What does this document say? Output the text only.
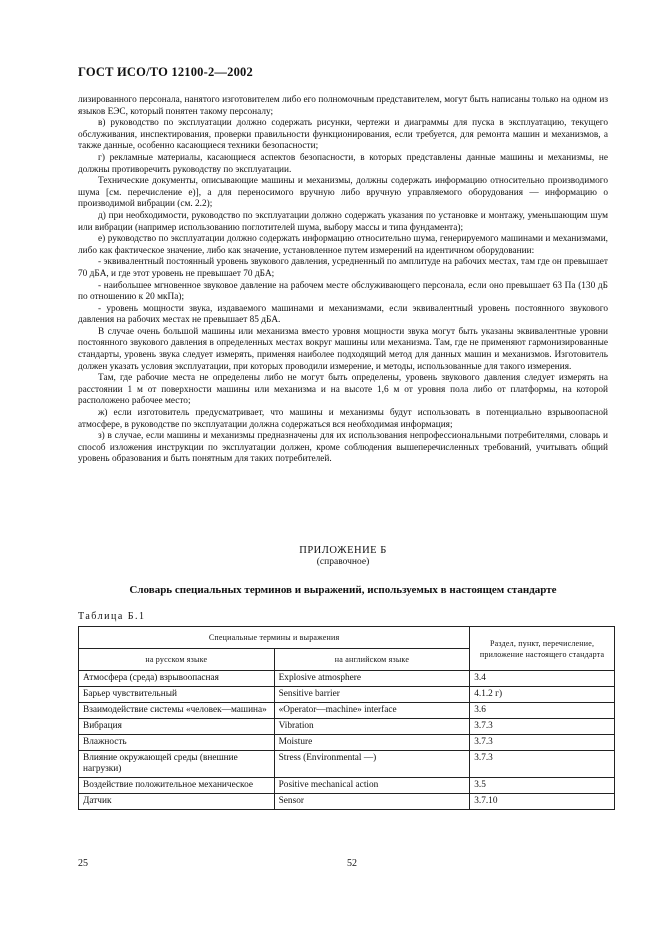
ГОСТ ИСО/ТО 12100-2—2002

лизированного персонала, нанятого изготовителем либо его полномочным представителем, могут быть написаны только на одном из языков ЕЭС, который понятен такому персоналу;

в) руководство по эксплуатации должно содержать рисунки, чертежи и диаграммы для пуска в эксплуатацию, текущего обслуживания, инспектирования, проверки правильности функционирования, если требуется, для ремонта машин и механизмов, а также данные, особенно касающиеся техники безопасности;

г) рекламные материалы, касающиеся аспектов безопасности, в которых представлены данные машины и механизмы, не должны противоречить руководству по эксплуатации.

Технические документы, описывающие машины и механизмы, должны содержать информацию относительно производимого шума [см. перечисление е)], а для переносимого вручную либо вручную управляемого оборудования — информацию о производимой вибрации (см. 2.2);

д) при необходимости, руководство по эксплуатации должно содержать указания по установке и монтажу, уменьшающим шум или вибрации (например использованию поглотителей шума, выбору массы и типа фундамента);

е) руководство по эксплуатации должно содержать информацию относительно шума, генерируемого машинами и механизмами, либо как фактическое значение, либо как значение, установленное путем измерений на идентичном оборудовании:

- эквивалентный постоянный уровень звукового давления, усредненный по амплитуде на рабочих местах, там где он превышает 70 дБA, и где этот уровень не превышает 70 дБA;

- наибольшее мгновенное звуковое давление на рабочем месте обслуживающего персонала, если оно превышает 63 Па (130 дБ по отношению к 20 мкПа);

- уровень мощности звука, издаваемого машинами и механизмами, если эквивалентный уровень постоянного звукового давления на рабочих местах не превышает 85 дБA.

В случае очень большой машины или механизма вместо уровня мощности звука могут быть указаны эквивалентные уровни постоянного звукового давления в определенных местах вокруг машины или механизма. Там, где не применяют гармонизированные стандарты, уровень звука следует измерять, применяя наиболее подходящий метод для данных машин и механизмов. Изготовитель должен указать условия эксплуатации, при которых проводили измерение, и методы, использованные для такого измерения.

Там, где рабочие места не определены либо не могут быть определены, уровень звукового давления следует измерять на расстоянии 1 м от поверхности машины или механизма и на высоте 1,6 м от уровня пола либо от платформы, на которой расположено рабочее место;

ж) если изготовитель предусматривает, что машины и механизмы будут использовать в потенциально взрывоопасной атмосфере, в руководстве по эксплуатации должна содержаться вся необходимая информация;

з) в случае, если машины и механизмы предназначены для их использования непрофессиональными потребителями, словарь и способ изложения инструкции по эксплуатации должен, кроме соблюдения вышеперечисленных требований, учитывать общий уровень образования и быть понятным для таких потребителей.

ПРИЛОЖЕНИЕ Б
(справочное)
Словарь специальных терминов и выражений, используемых в настоящем стандарте
Таблица Б.1
Специальные термины и выражения		Раздел, пункт, перечисление, приложение настоящего стандарта
на русском языке	на английском языке	
Атмосфера (среда) взрывоопасная	Explosive atmosphere	3.4
Барьер чувствительный	Sensitive barrier	4.1.2 г)
Взаимодействие системы «человек—машина»	«Operator—machine» interface	3.6
Вибрация	Vibration	3.7.3
Влажность	Moisture	3.7.3
Влияние окружающей среды (внешние нагрузки)	Stress (Environmental —)	3.7.3
Воздействие положительное механическое	Positive mechanical action	3.5
Датчик	Sensor	3.7.10
25	52
